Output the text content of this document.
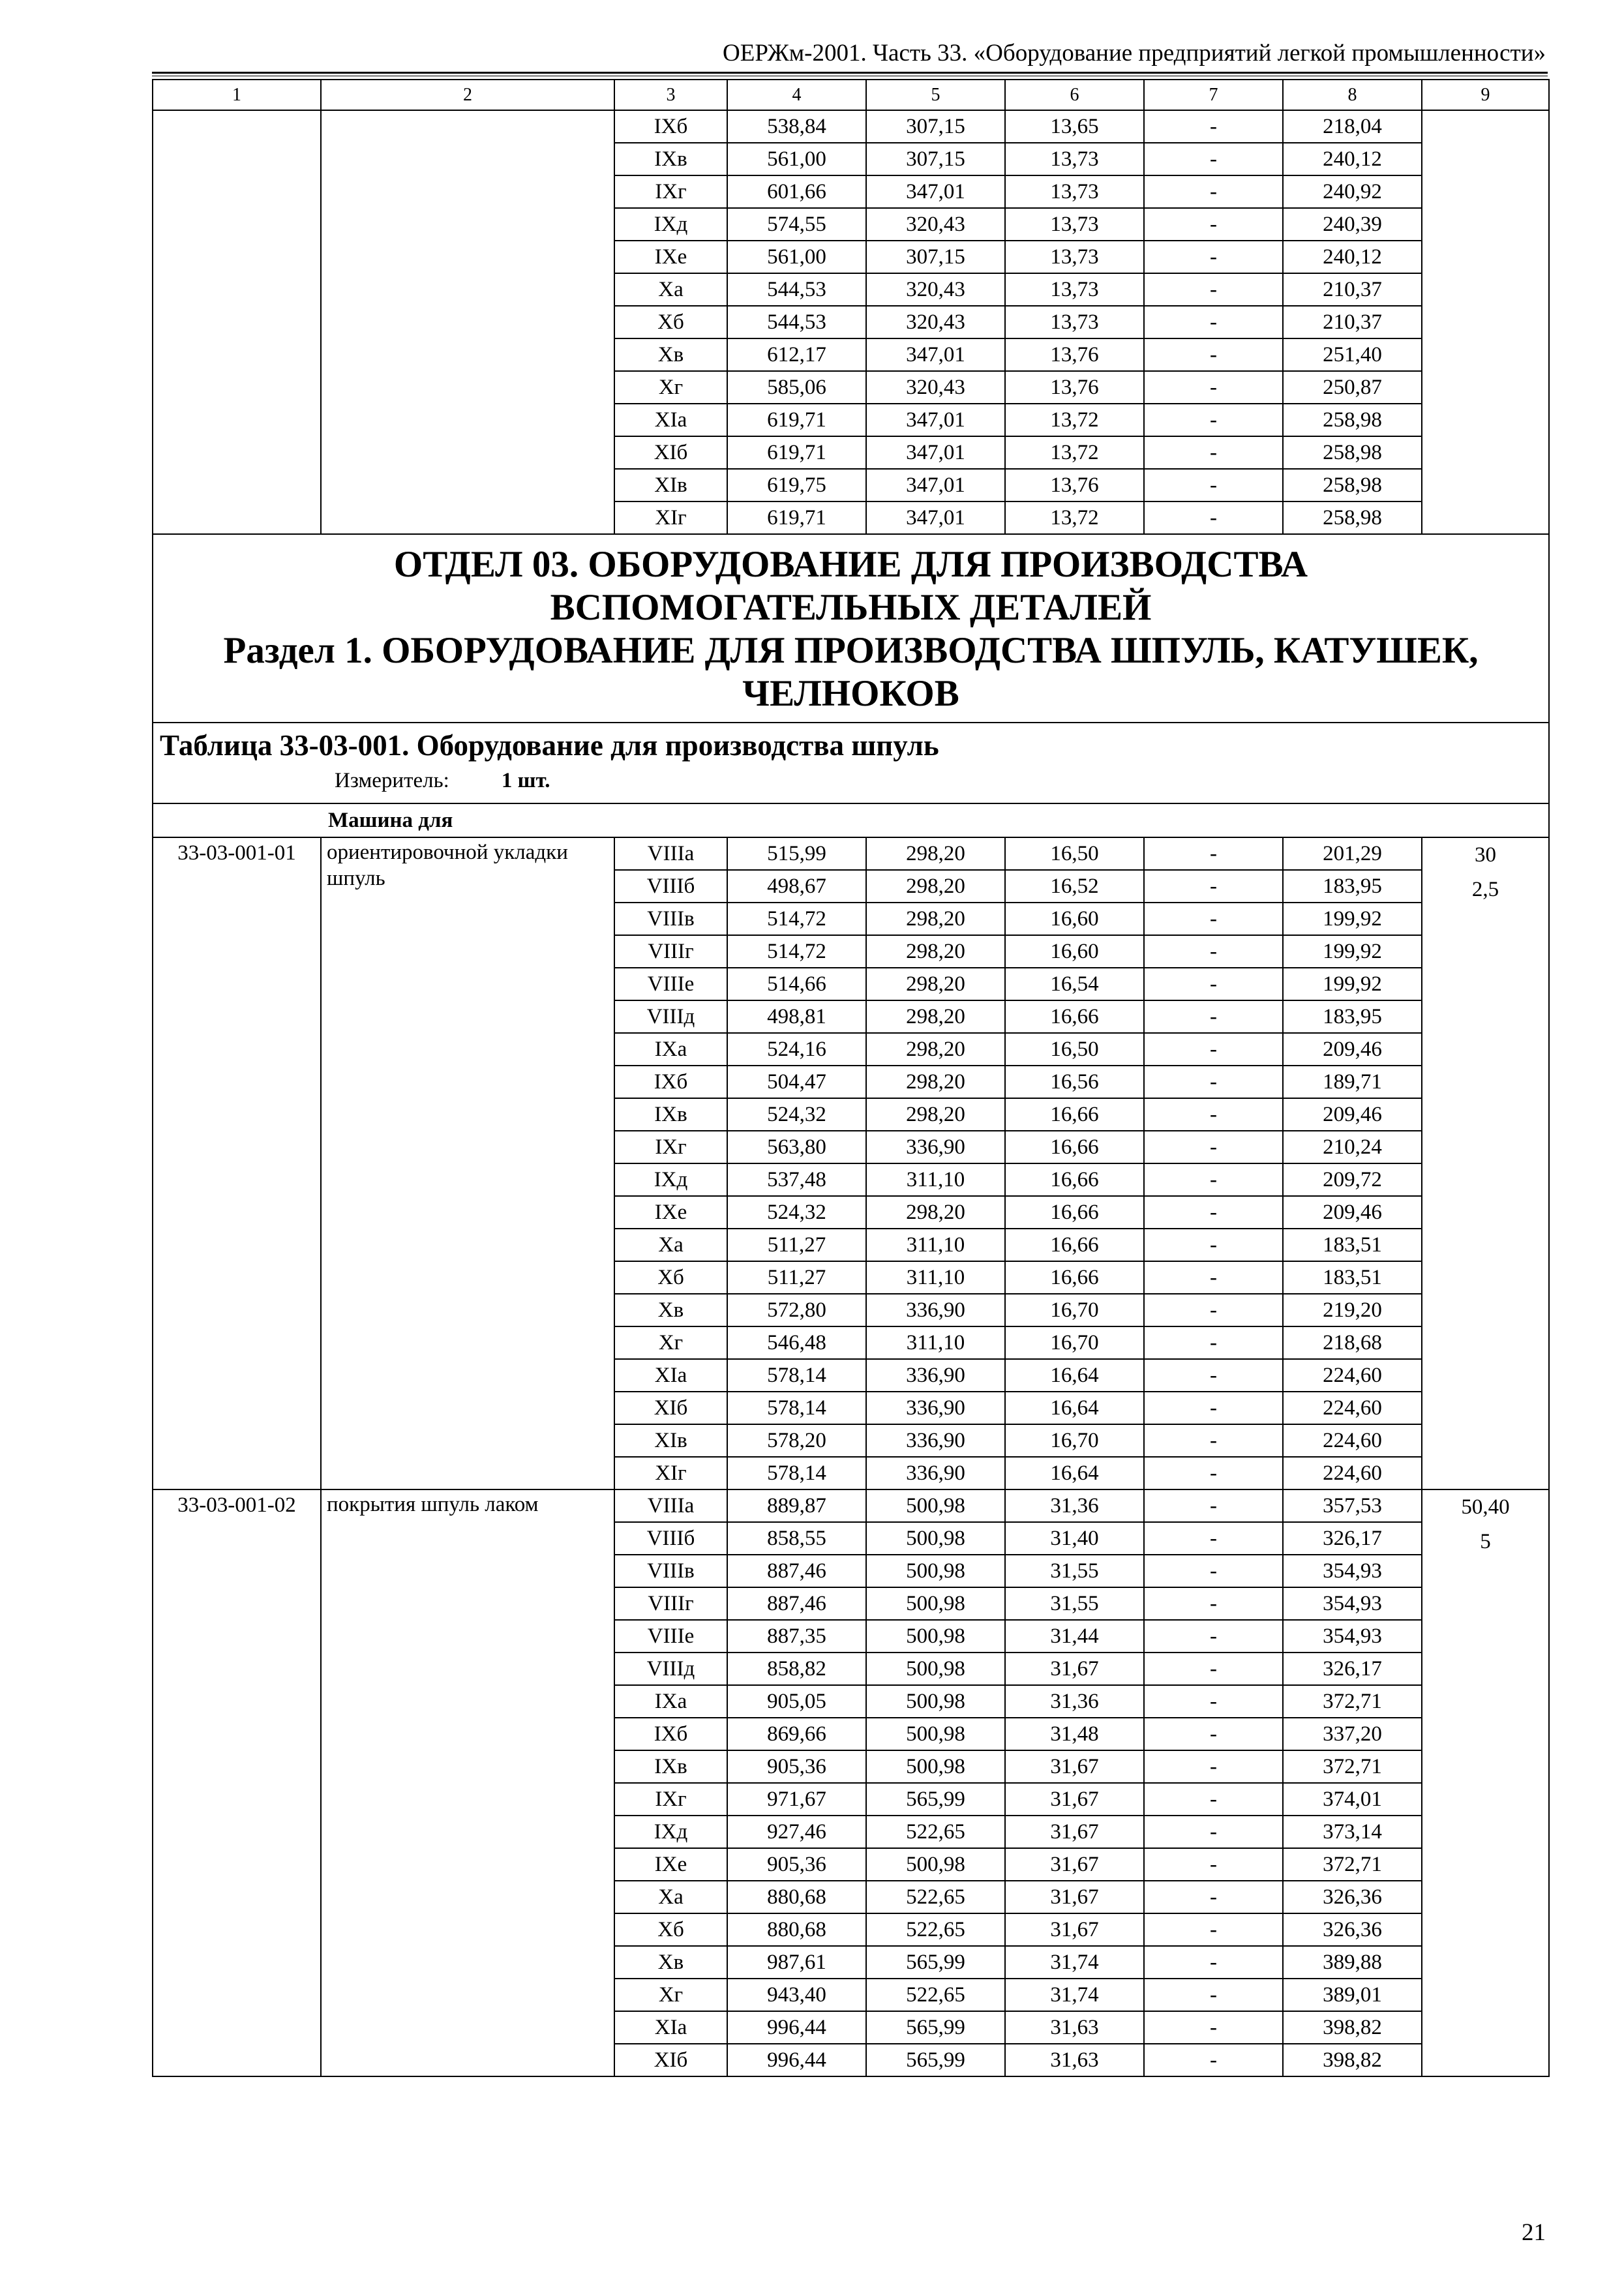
ОЕРЖм-2001. Часть 33. «Оборудование предприятий легкой промышленности»
1	2	3	4	5	6	7	8	9
		IXб	538,84	307,15	13,65	-	218,04	
		IXв	561,00	307,15	13,73	-	240,12	
		IXг	601,66	347,01	13,73	-	240,92	
		IXд	574,55	320,43	13,73	-	240,39	
		IXе	561,00	307,15	13,73	-	240,12	
		Xа	544,53	320,43	13,73	-	210,37	
		Xб	544,53	320,43	13,73	-	210,37	
		Xв	612,17	347,01	13,76	-	251,40	
		Xг	585,06	320,43	13,76	-	250,87	
		XIа	619,71	347,01	13,72	-	258,98	
		XIб	619,71	347,01	13,72	-	258,98	
		XIв	619,75	347,01	13,76	-	258,98	
		XIг	619,71	347,01	13,72	-	258,98	

ОТДЕЛ 03. ОБОРУДОВАНИЕ ДЛЯ ПРОИЗВОДСТВА ВСПОМОГАТЕЛЬНЫХ ДЕТАЛЕЙ
Раздел 1. ОБОРУДОВАНИЕ ДЛЯ ПРОИЗВОДСТВА ШПУЛЬ, КАТУШЕК, ЧЕЛНОКОВ								

Таблица 33-03-001. Оборудование для производства шпуль
Измеритель: 1 шт.								

Машина для								
33-03-001-01	ориентировочной укладки шпуль	VIIIа	515,99	298,20	16,50	-	201,29	30
2,5

		VIIIб	498,67	298,20	16,52	-	183,95	
		VIIIв	514,72	298,20	16,60	-	199,92	
		VIIIг	514,72	298,20	16,60	-	199,92	
		VIIIе	514,66	298,20	16,54	-	199,92	
		VIIIд	498,81	298,20	16,66	-	183,95	
		IXа	524,16	298,20	16,50	-	209,46	
		IXб	504,47	298,20	16,56	-	189,71	
		IXв	524,32	298,20	16,66	-	209,46	
		IXг	563,80	336,90	16,66	-	210,24	
		IXд	537,48	311,10	16,66	-	209,72	
		IXе	524,32	298,20	16,66	-	209,46	
		Xа	511,27	311,10	16,66	-	183,51	
		Xб	511,27	311,10	16,66	-	183,51	
		Xв	572,80	336,90	16,70	-	219,20	
		Xг	546,48	311,10	16,70	-	218,68	
		XIа	578,14	336,90	16,64	-	224,60	
		XIб	578,14	336,90	16,64	-	224,60	
		XIв	578,20	336,90	16,70	-	224,60	
		XIг	578,14	336,90	16,64	-	224,60	
33-03-001-02	покрытия шпуль лаком	VIIIа	889,87	500,98	31,36	-	357,53	50,40
5

		VIIIб	858,55	500,98	31,40	-	326,17	
		VIIIв	887,46	500,98	31,55	-	354,93	
		VIIIг	887,46	500,98	31,55	-	354,93	
		VIIIе	887,35	500,98	31,44	-	354,93	
		VIIIд	858,82	500,98	31,67	-	326,17	
		IXа	905,05	500,98	31,36	-	372,71	
		IXб	869,66	500,98	31,48	-	337,20	
		IXв	905,36	500,98	31,67	-	372,71	
		IXг	971,67	565,99	31,67	-	374,01	
		IXд	927,46	522,65	31,67	-	373,14	
		IXе	905,36	500,98	31,67	-	372,71	
		Xа	880,68	522,65	31,67	-	326,36	
		Xб	880,68	522,65	31,67	-	326,36	
		Xв	987,61	565,99	31,74	-	389,88	
		Xг	943,40	522,65	31,74	-	389,01	
		XIа	996,44	565,99	31,63	-	398,82	
		XIб	996,44	565,99	31,63	-	398,82	
21
